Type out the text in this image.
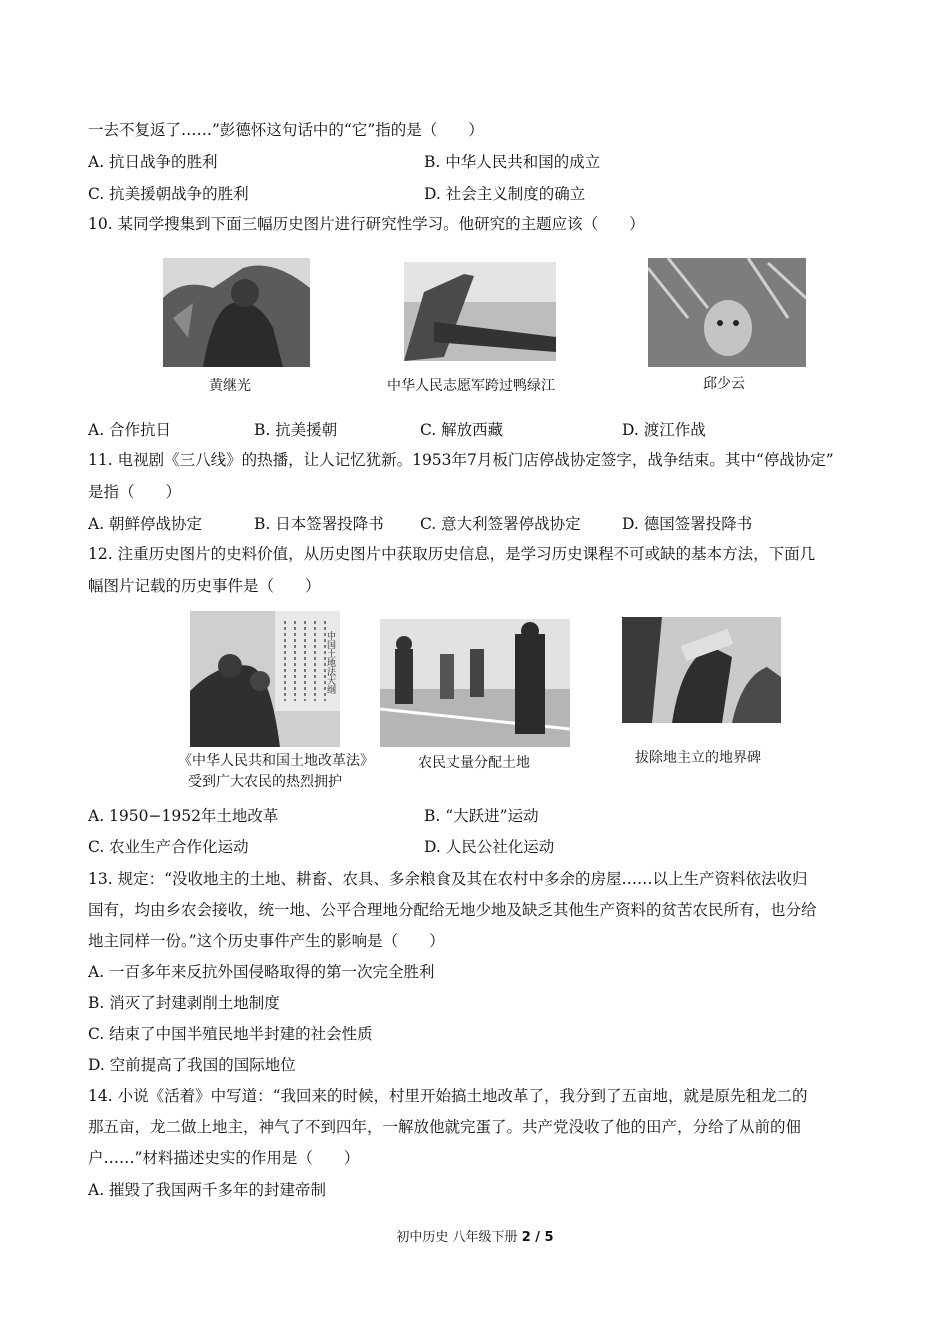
一去不复返了……”彭德怀这句话中的“它”指的是（　　）
A. 抗日战争的胜利	B. 中华人民共和国的成立
C. 抗美援朝战争的胜利	D. 社会主义制度的确立
10. 某同学搜集到下面三幅历史图片进行研究性学习。他研究的主题应该（　　）
黄继光	中华人民志愿军跨过鸭绿江	邱少云
A. 合作抗日	B. 抗美援朝	C. 解放西藏	D. 渡江作战
11. 电视剧《三八线》的热播，让人记忆犹新。1953年7月板门店停战协定签字，战争结束。其中“停战协定”
是指（　　）
A. 朝鲜停战协定	B. 日本签署投降书 C. 意大利签署停战协定	D. 德国签署投降书
12. 注重历史图片的史料价值，从历史图片中获取历史信息，是学习历史课程不可或缺的基本方法，下面几
幅图片记载的历史事件是（　　）
中国土地法大纲
《中华人民共和国土地改革法》
受到广大农民的热烈拥护
农民丈量分配土地	拔除地主立的地界碑
A. 1950−1952年土地改革	B. “大跃进”运动
C. 农业生产合作化运动	D. 人民公社化运动
13. 规定：“没收地主的土地、耕畜、农具、多余粮食及其在农村中多余的房屋……以上生产资料依法收归
国有，均由乡农会接收，统一地、公平合理地分配给无地少地及缺乏其他生产资料的贫苦农民所有，也分给
地主同样一份。”这个历史事件产生的影响是（　　）
A. 一百多年来反抗外国侵略取得的第一次完全胜利
B. 消灭了封建剥削土地制度
C. 结束了中国半殖民地半封建的社会性质
D. 空前提高了我国的国际地位
14. 小说《活着》中写道：“我回来的时候，村里开始搞土地改革了，我分到了五亩地，就是原先租龙二的
那五亩，龙二做上地主，神气了不到四年，一解放他就完蛋了。共产党没收了他的田产，分给了从前的佃
户……”材料描述史实的作用是（　　）
A. 摧毁了我国两千多年的封建帝制
初中历史 八年级下册 2 / 5
